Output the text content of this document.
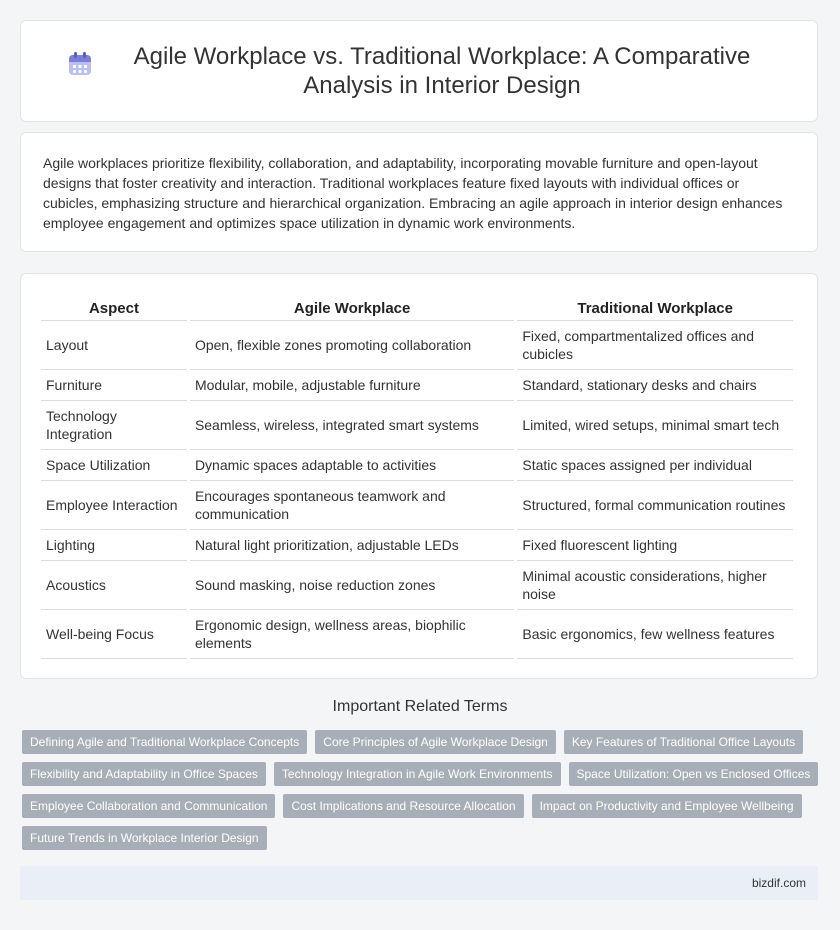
Agile Workplace vs. Traditional Workplace: A Comparative Analysis in Interior Design

Agile workplaces prioritize flexibility, collaboration, and adaptability, incorporating movable furniture and open-layout designs that foster creativity and interaction. Traditional workplaces feature fixed layouts with individual offices or cubicles, emphasizing structure and hierarchical organization. Embracing an agile approach in interior design enhances employee engagement and optimizes space utilization in dynamic work environments.

Aspect	Agile Workplace	Traditional Workplace
Layout	Open, flexible zones promoting collaboration	Fixed, compartmentalized offices and cubicles
Furniture	Modular, mobile, adjustable furniture	Standard, stationary desks and chairs
Technology Integration	Seamless, wireless, integrated smart systems	Limited, wired setups, minimal smart tech
Space Utilization	Dynamic spaces adaptable to activities	Static spaces assigned per individual
Employee Interaction	Encourages spontaneous teamwork and communication	Structured, formal communication routines
Lighting	Natural light prioritization, adjustable LEDs	Fixed fluorescent lighting
Acoustics	Sound masking, noise reduction zones	Minimal acoustic considerations, higher noise
Well-being Focus	Ergonomic design, wellness areas, biophilic elements	Basic ergonomics, few wellness features
Important Related Terms
Defining Agile and Traditional Workplace Concepts	Core Principles of Agile Workplace Design	Key Features of Traditional Office Layouts
Flexibility and Adaptability in Office Spaces	Technology Integration in Agile Work Environments	Space Utilization: Open vs Enclosed Offices
Employee Collaboration and Communication	Cost Implications and Resource Allocation	Impact on Productivity and Employee Wellbeing
Future Trends in Workplace Interior Design
bizdif.com
